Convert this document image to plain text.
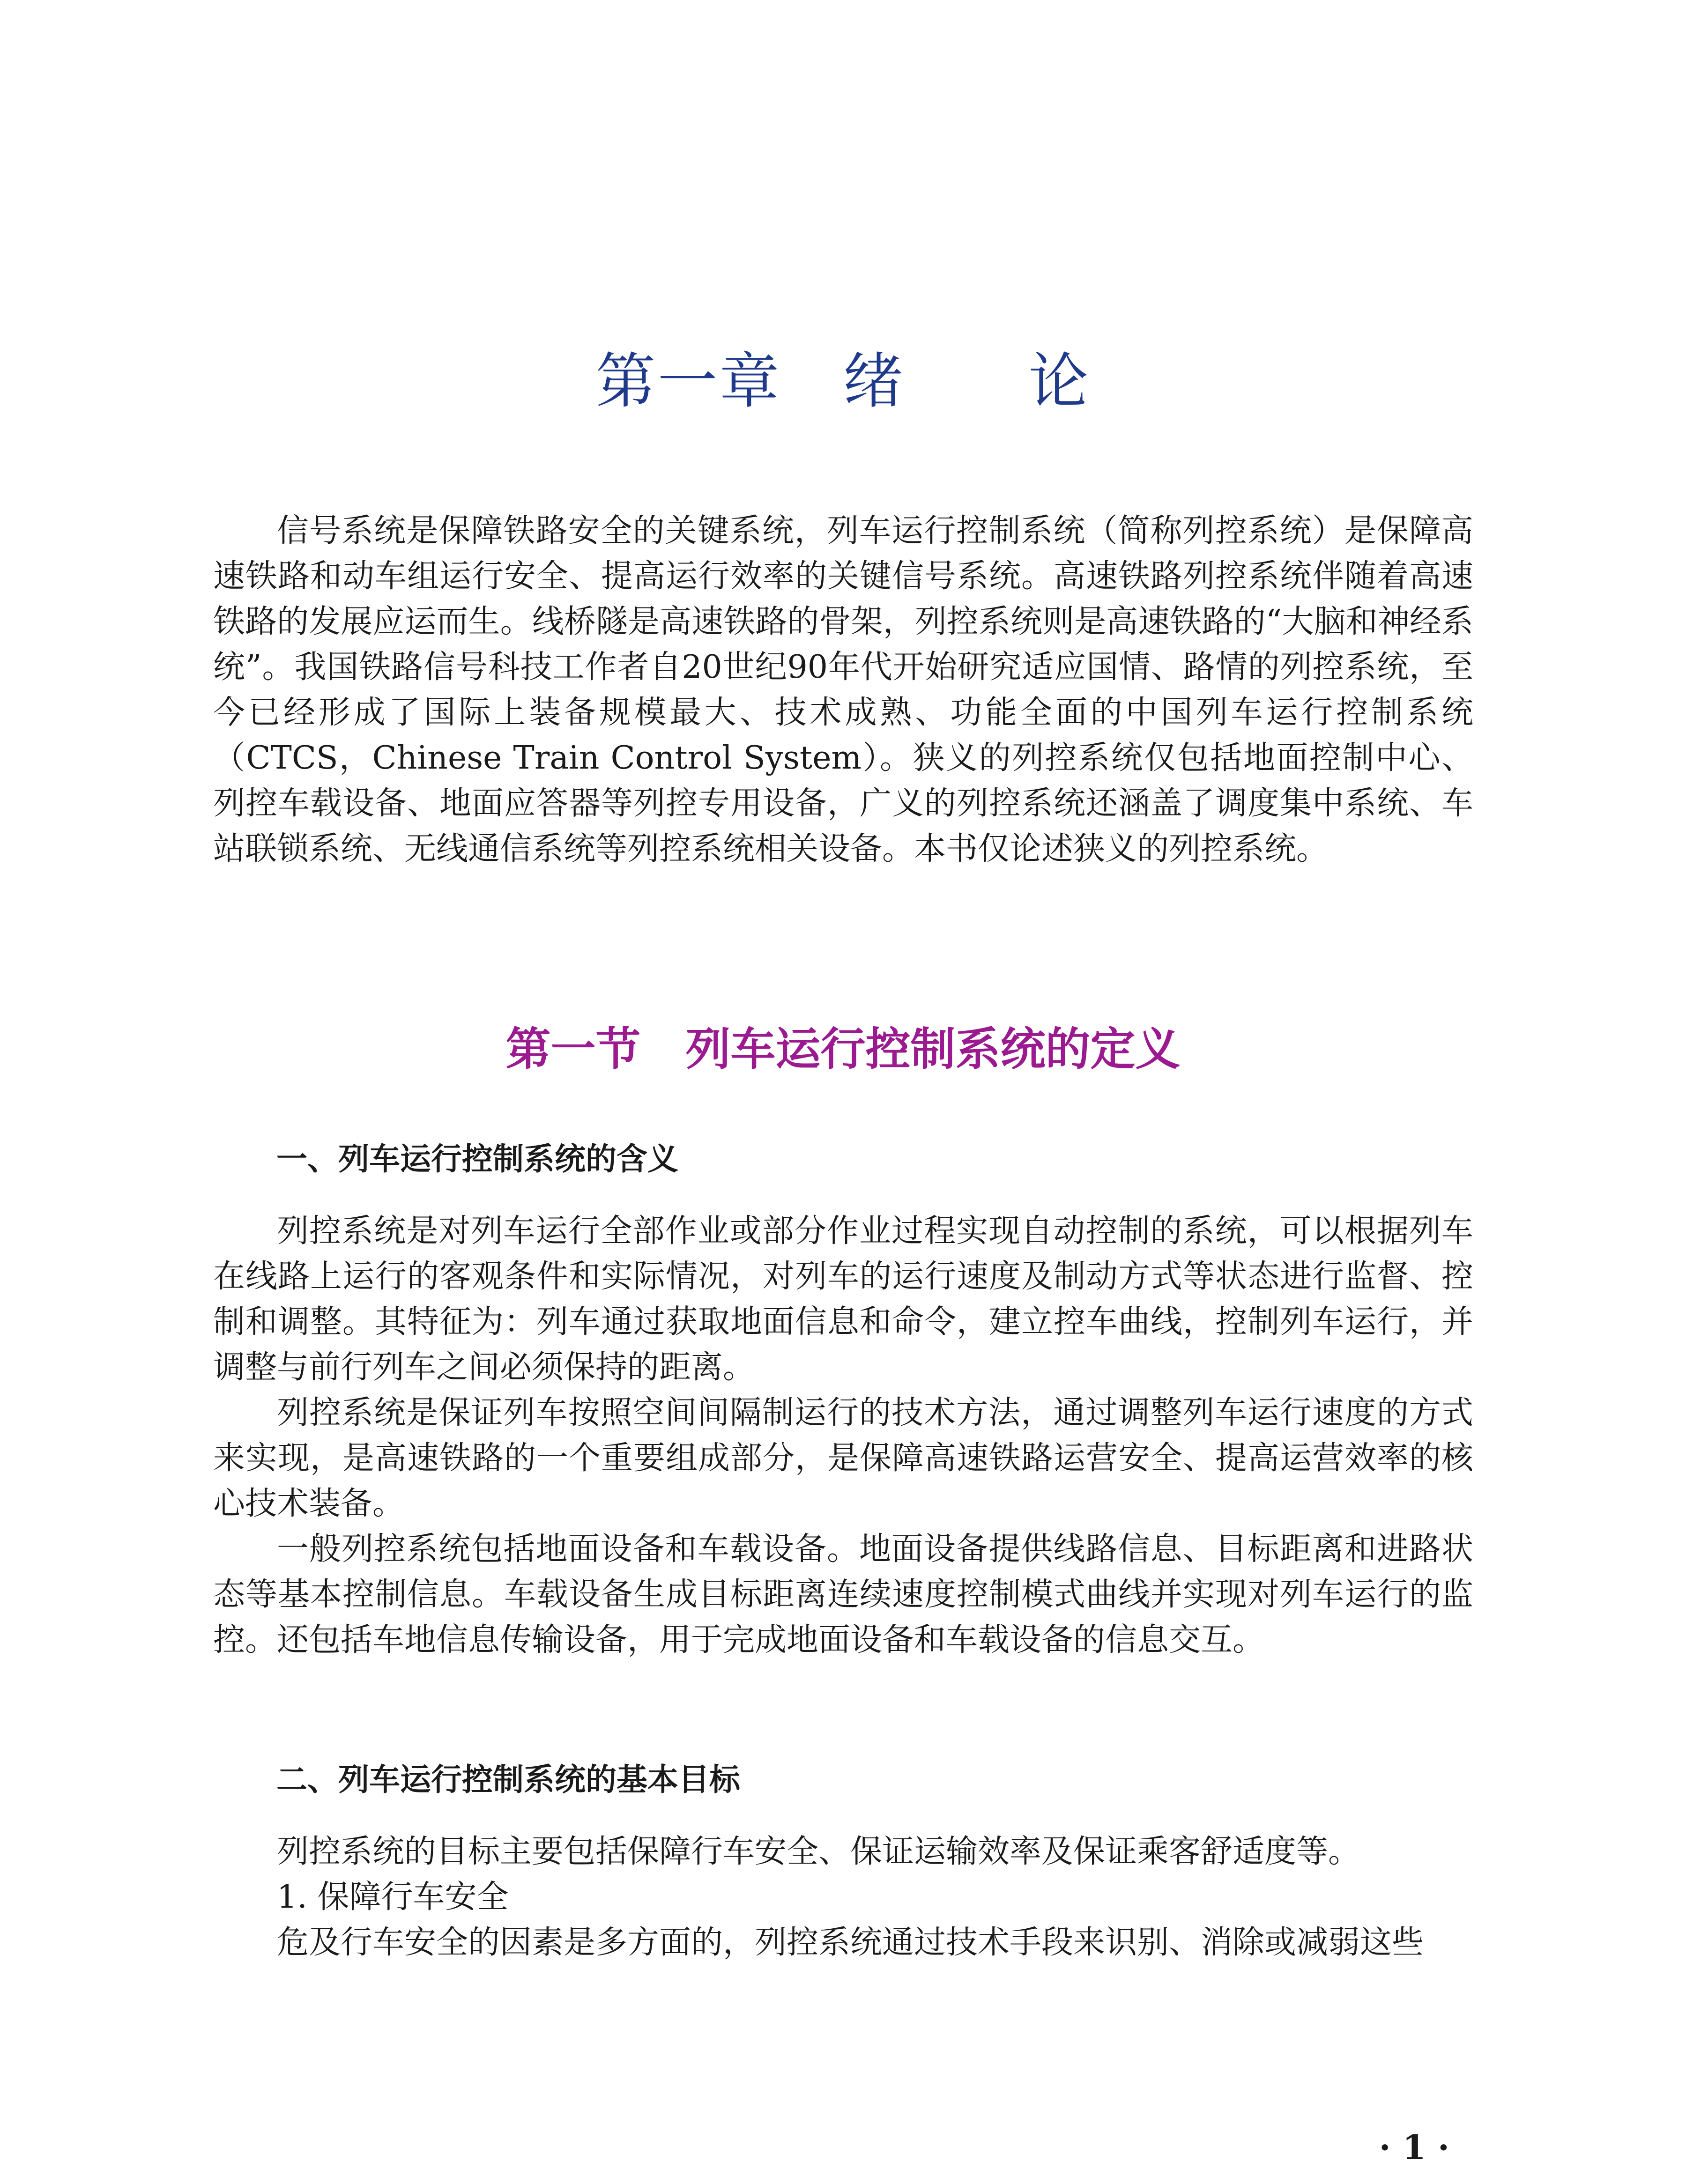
第一章　绪　　论

信号系统是保障铁路安全的关键系统，列车运行控制系统（简称列控系统）是保障高速铁路和动车组运行安全、提高运行效率的关键信号系统。高速铁路列控系统伴随着高速铁路的发展应运而生。线桥隧是高速铁路的骨架，列控系统则是高速铁路的“大脑和神经系统”。我国铁路信号科技工作者自20世纪90年代开始研究适应国情、路情的列控系统，至今已经形成了国际上装备规模最大、技术成熟、功能全面的中国列车运行控制系统（CTCS，Chinese Train Control System）。狭义的列控系统仅包括地面控制中心、列控车载设备、地面应答器等列控专用设备，广义的列控系统还涵盖了调度集中系统、车站联锁系统、无线通信系统等列控系统相关设备。本书仅论述狭义的列控系统。

第一节　列车运行控制系统的定义
一、列车运行控制系统的含义

列控系统是对列车运行全部作业或部分作业过程实现自动控制的系统，可以根据列车在线路上运行的客观条件和实际情况，对列车的运行速度及制动方式等状态进行监督、控制和调整。其特征为：列车通过获取地面信息和命令，建立控车曲线，控制列车运行，并调整与前行列车之间必须保持的距离。

列控系统是保证列车按照空间间隔制运行的技术方法，通过调整列车运行速度的方式来实现，是高速铁路的一个重要组成部分，是保障高速铁路运营安全、提高运营效率的核心技术装备。

一般列控系统包括地面设备和车载设备。地面设备提供线路信息、目标距离和进路状态等基本控制信息。车载设备生成目标距离连续速度控制模式曲线并实现对列车运行的监控。还包括车地信息传输设备，用于完成地面设备和车载设备的信息交互。

二、列车运行控制系统的基本目标

列控系统的目标主要包括保障行车安全、保证运输效率及保证乘客舒适度等。

1. 保障行车安全

危及行车安全的因素是多方面的，列控系统通过技术手段来识别、消除或减弱这些

· 1 ·
